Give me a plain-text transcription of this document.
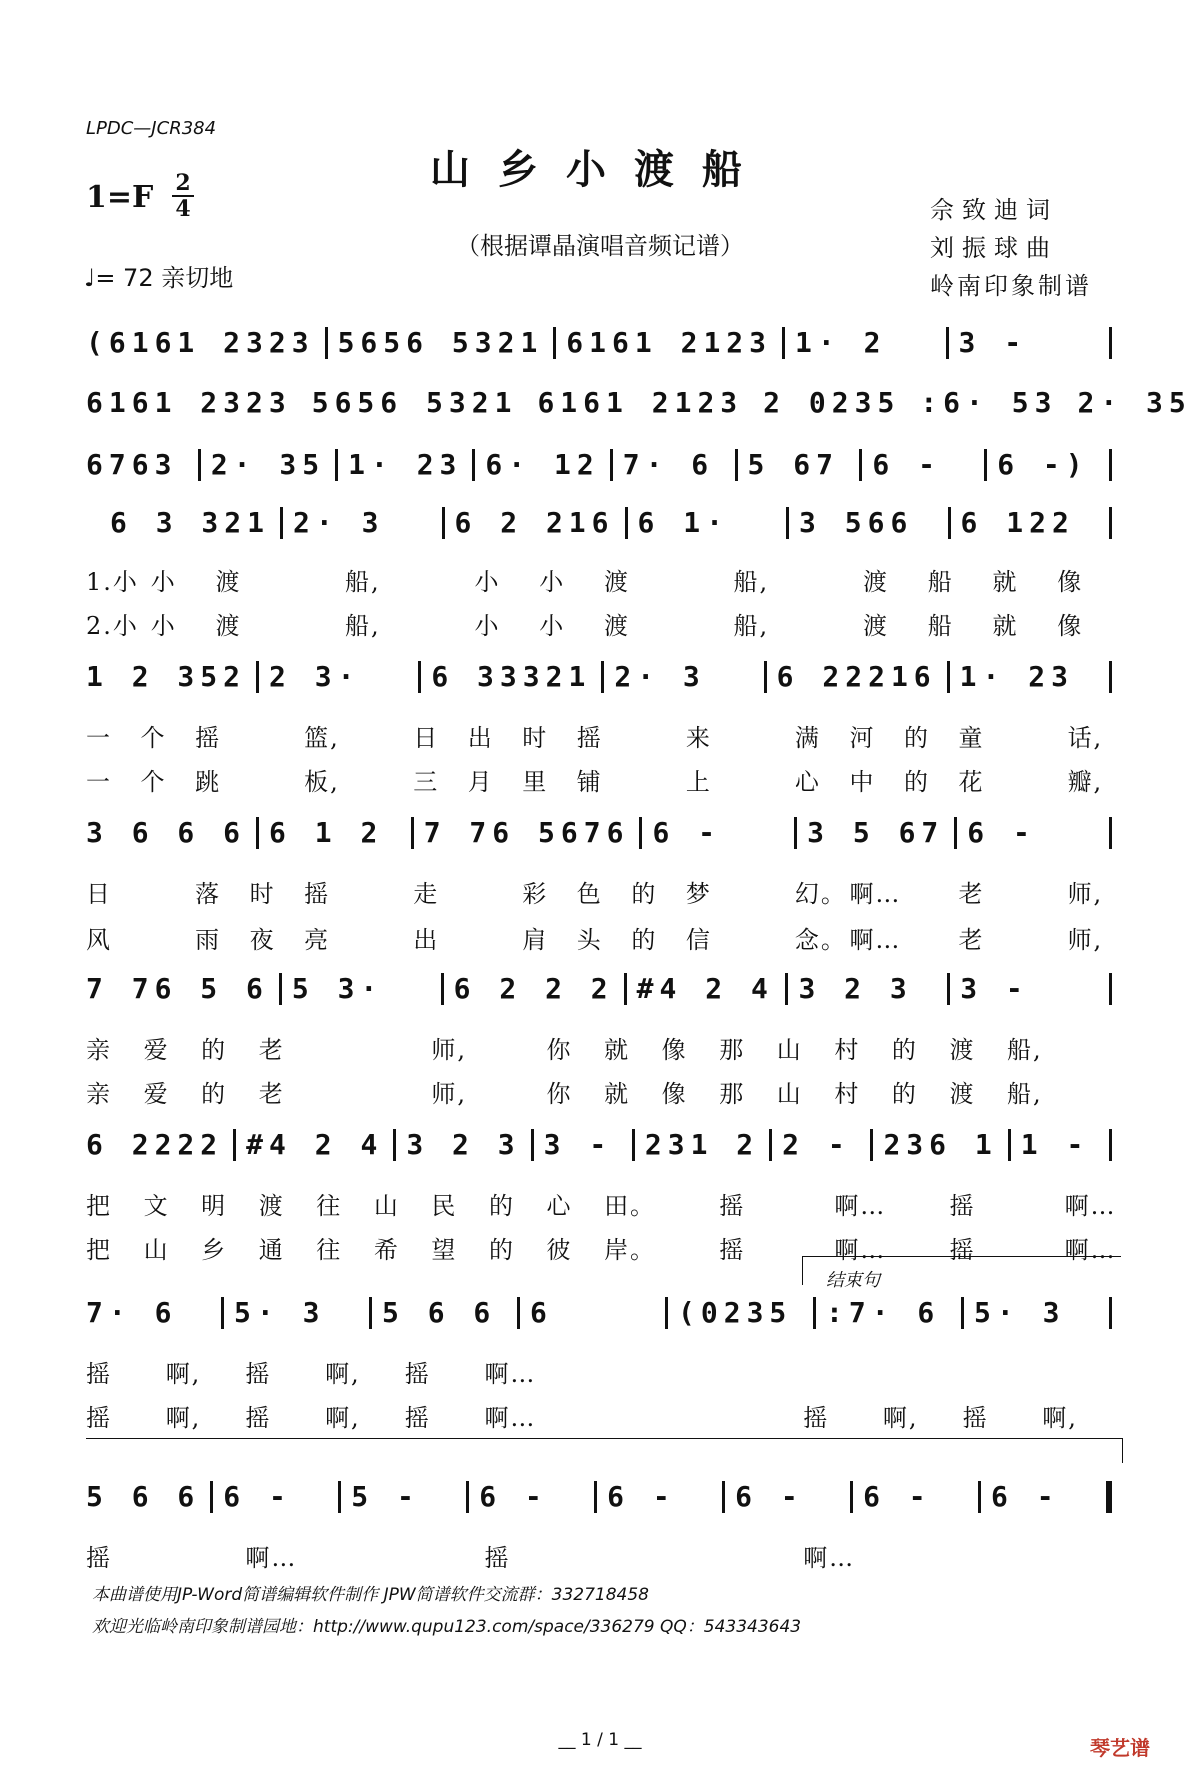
LPDC—JCR384
山乡小渡船
1=F 2
4
（根据谭晶演唱音频记谱）
♩= 72 亲切地
佘致迪词
刘振球曲
岭南印象制谱
(6161 2323 5656 5321 6161 2123 1· 2	3 -
6161 2323 5656 5321 6161 2123 2 0235 :6· 53 2· 35
6763	2· 35 1· 23 6· 12 7· 6	5 67	6 -	6 -)
6 3 321 2· 3	6 2 216 6 1·	3 566	6 122
1.小 小	渡	船,	小	小	渡	船,	渡	船	就	像
2.小 小	渡	船,	小	小	渡	船,	渡	船	就	像
1 2 352 2 3·	6 33321 2· 3	6 22216 1· 23
一	个	摇	篮,	日	出	时	摇	来	满	河	的	童	话,
一	个	跳	板,	三	月	里	铺	上	心	中	的	花	瓣,
3 6 6 6 6 1 2	7 76 5676 6 -	3 5 67 6 -
日	落	时	摇	走	彩	色	的	梦	幻。 啊… 老	师,
风	雨	夜	亮	出	肩	头	的	信	念。 啊… 老	师,
7 76 5 6 5 3·	6 2 2 2 #4 2 4 3 2 3	3 -
亲	爱	的	老	师,	你	就	像	那	山	村	的	渡	船,
亲	爱	的	老	师,	你	就	像	那	山	村	的	渡	船,
6 2222 #4 2 4 3 2 3 3 -	231 2 2 -	236 1 1 -
把	文	明	渡	往	山	民	的	心	田。	摇	啊…	摇	啊…
把	山	乡	通	往	希	望	的	彼	岸。	摇	啊…	摇	啊…
结束句
7· 6	5· 3	5 6 6	6	(0235	:7· 6	5· 3
摇	啊,	摇	啊,	摇	啊…
摇	啊,	摇	啊,	摇	啊…	摇	啊,	摇	啊,
5 6 6 6 -	5 -	6 -	6 -	6 -	6 -	6 -
摇	啊…	摇	啊…
本曲谱使用JP-Word简谱编辑软件制作 JPW简谱软件交流群：332718458
欢迎光临岭南印象制谱园地：http://www.qupu123.com/space/336279 QQ：543343643
__ 1 / 1 __	琴艺谱
